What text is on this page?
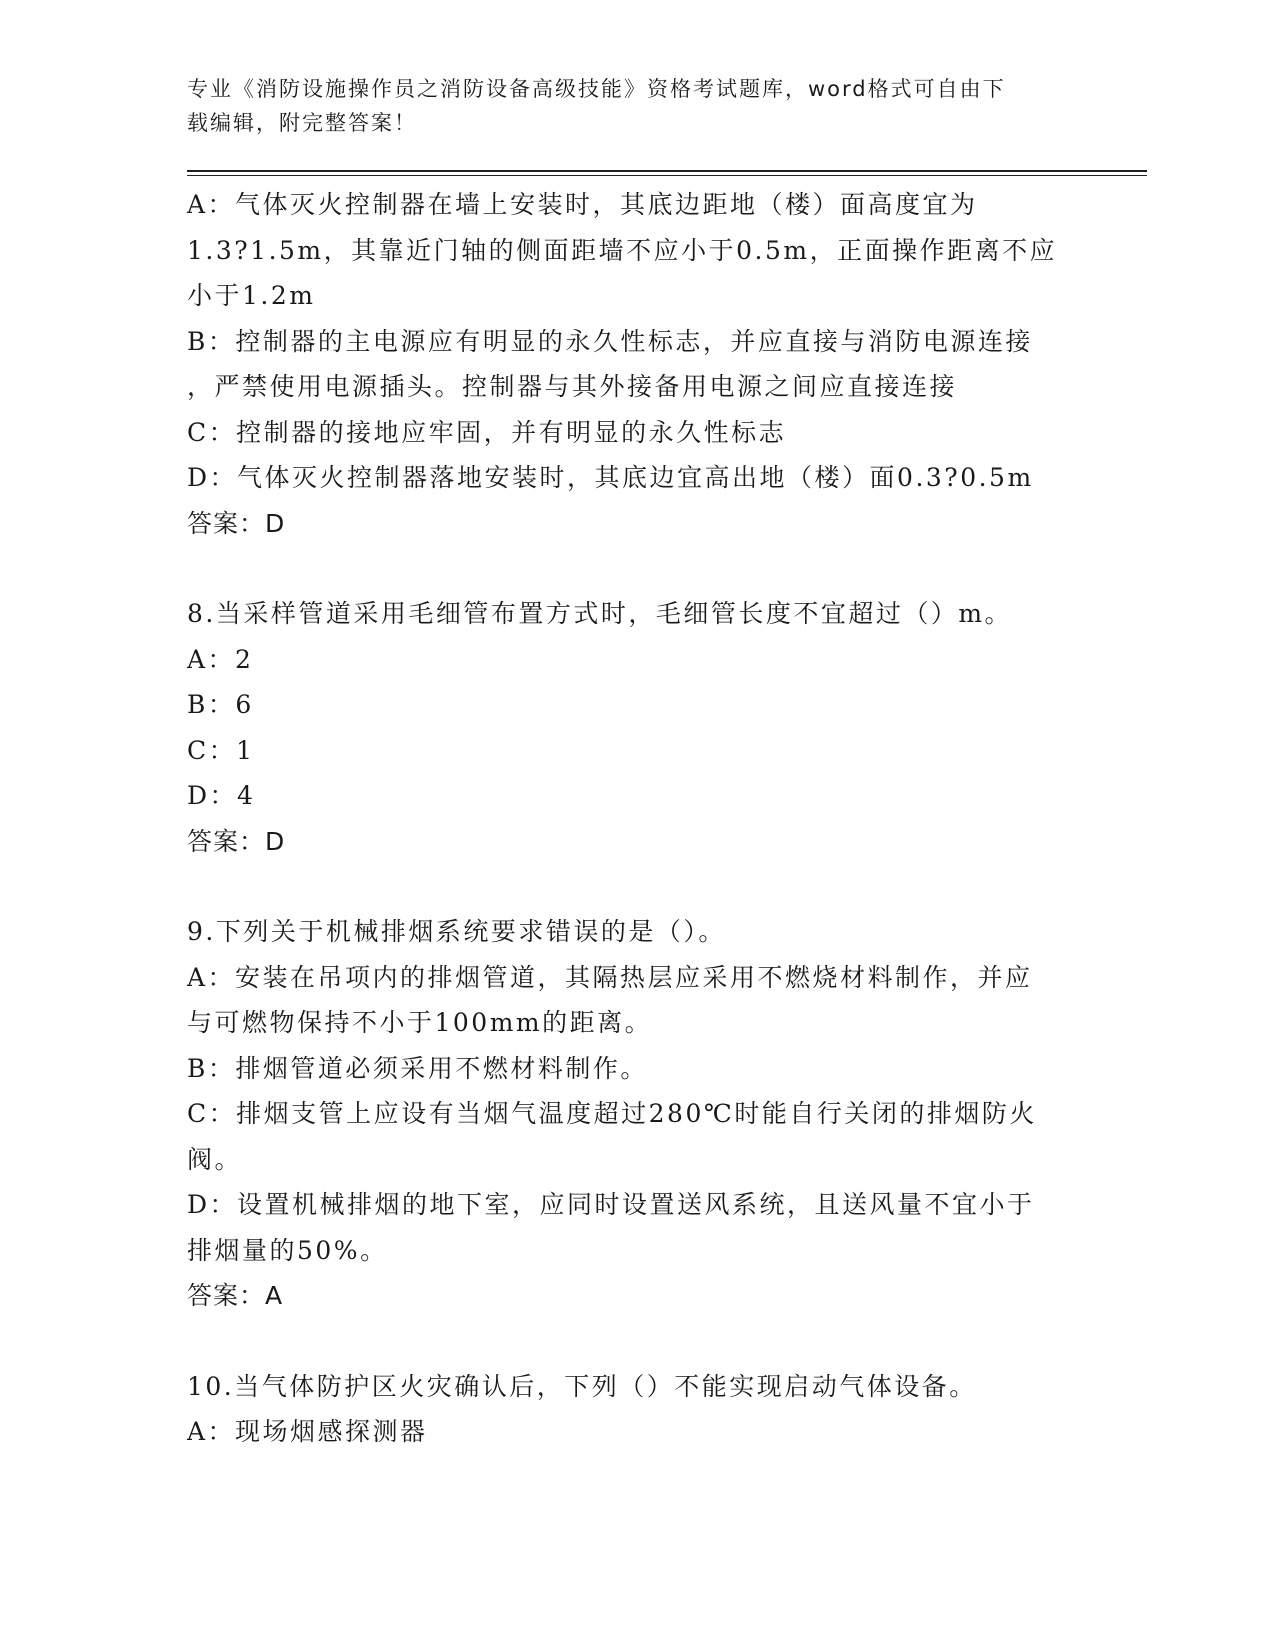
专业《消防设施操作员之消防设备高级技能》资格考试题库，word格式可自由下
载编辑，附完整答案！
A：气体灭火控制器在墙上安装时，其底边距地（楼）面高度宜为
1.3?1.5m，其靠近门轴的侧面距墙不应小于0.5m，正面操作距离不应
小于1.2m
B：控制器的主电源应有明显的永久性标志，并应直接与消防电源连接
，严禁使用电源插头。控制器与其外接备用电源之间应直接连接
C：控制器的接地应牢固，并有明显的永久性标志
D：气体灭火控制器落地安装时，其底边宜高出地（楼）面0.3?0.5m
答案：D
8.当采样管道采用毛细管布置方式时，毛细管长度不宜超过（）m。
A：2
B：6
C：1
D：4
答案：D
9.下列关于机械排烟系统要求错误的是（）。
A：安装在吊项内的排烟管道，其隔热层应采用不燃烧材料制作，并应
与可燃物保持不小于100mm的距离。
B：排烟管道必须采用不燃材料制作。
C：排烟支管上应设有当烟气温度超过280℃时能自行关闭的排烟防火
阀。
D：设置机械排烟的地下室，应同时设置送风系统，且送风量不宜小于
排烟量的50%。
答案：A
10.当气体防护区火灾确认后，下列（）不能实现启动气体设备。
A：现场烟感探测器
